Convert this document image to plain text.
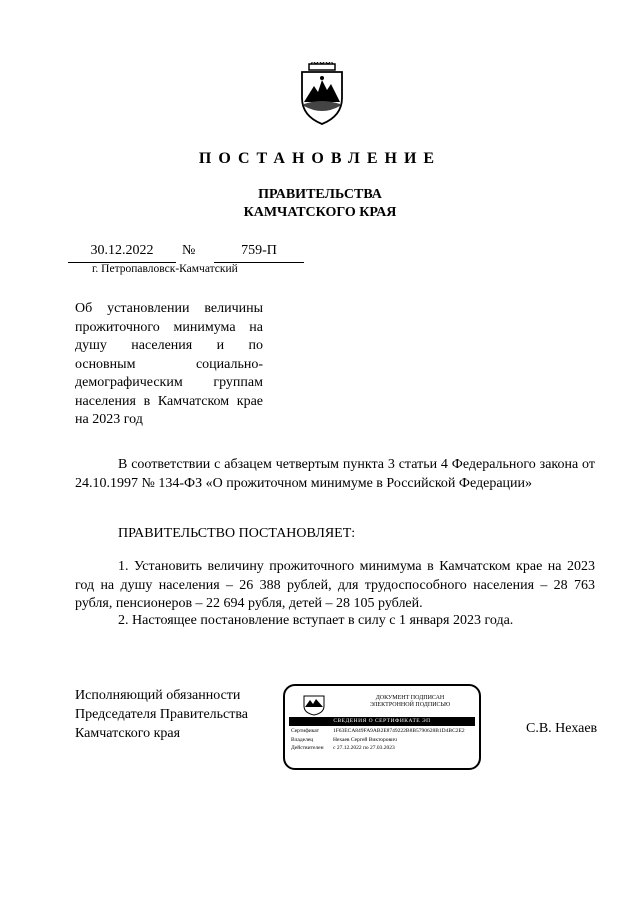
ПОСТАНОВЛЕНИЕ
ПРАВИТЕЛЬСТВА
КАМЧАТСКОГО КРАЯ
30.12.2022	№	759-П
г. Петропавловск-Камчатский
Об установлении величины прожиточного минимума на душу населения и по основным социально-демографическим группам населения в Камчатском крае на 2023 год
В соответствии с абзацем четвертым пункта 3 статьи 4 Федерального закона от 24.10.1997 № 134-ФЗ «О прожиточном минимуме в Российской Федерации»
ПРАВИТЕЛЬСТВО ПОСТАНОВЛЯЕТ:
1. Установить величину прожиточного минимума в Камчатском крае на 2023 год на душу населения – 26 388 рублей, для трудоспособного населения – 28 763 рубля, пенсионеров – 22 694 рубля, детей – 28 105 рублей.
2. Настоящее постановление вступает в силу с 1 января 2023 года.
Исполняющий обязанности
Председателя Правительства
Камчатского края
ДОКУМЕНТ ПОДПИСАН
ЭЛЕКТРОННОЙ ПОДПИСЬЮ
СВЕДЕНИЯ О СЕРТИФИКАТЕ ЭП
Сертификат	1F63ECA849FA9AB2E8749222B8B5790628B1D4BC2E2
Владелец	Нехаев Сергей Викторович
Действителен	с 27.12.2022 по 27.03.2023
С.В. Нехаев
